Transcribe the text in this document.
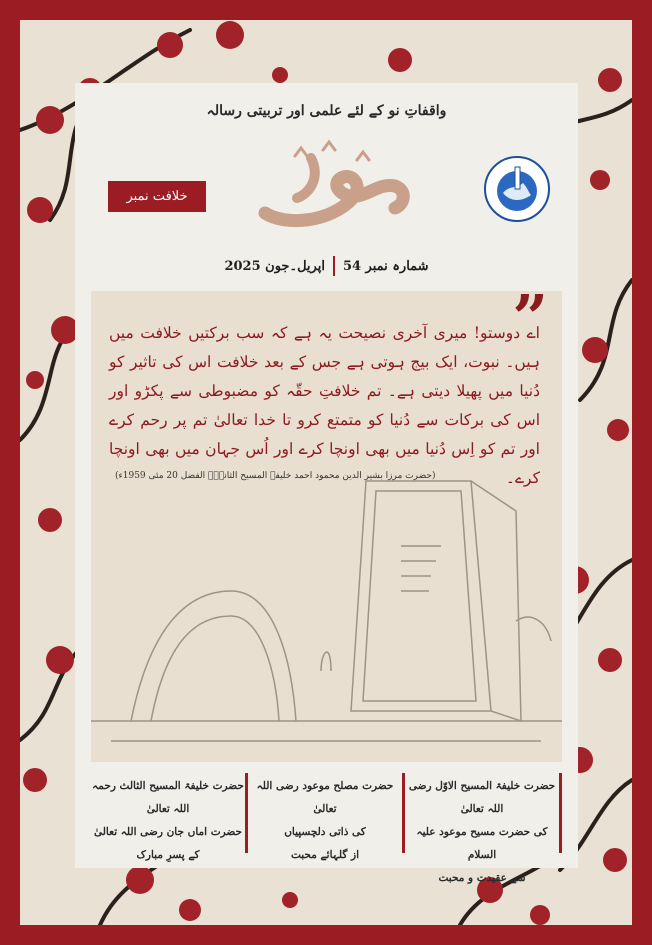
واقفاتِ نو کے لئے علمی اور تربیتی رسالہ
خلافت نمبر
شمارہ نمبر 54
اپریل۔جون 2025
”
اے دوستو! میری آخری نصیحت یہ ہے کہ سب برکتیں خلافت میں ہیں۔ نبوت، ایک بیج ہوتی ہے جس کے بعد خلافت اس کی تاثیر کو دُنیا میں پھیلا دیتی ہے۔ تم خلافتِ حقّہ کو مضبوطی سے پکڑو اور اس کی برکات سے دُنیا کو متمتع کرو تا خدا تعالیٰ تم پر رحم کرے اور تم کو اِس دُنیا میں بھی اونچا کرے اور اُس جہان میں بھی اونچا کرے۔
(حضرت مرزا بشیر الدین محمود احمد خلیفۃ المسیح الثانیؓ۔ الفضل 20 مئی 1959ء)
حضرت خلیفۃ المسیح الاوّل رضی اللہ تعالیٰ
کی حضرت مسیح موعود علیہ السلام
سے عقیدت و محبت
حضرت مصلح موعود رضی اللہ تعالیٰ
کی ذاتی دلچسپیاں
از گلہائے محبت
حضرت خلیفۃ المسیح الثالث رحمہ اللہ تعالیٰ
حضرت اماں جان رضی اللہ تعالیٰ
کے پسرِ مبارک
